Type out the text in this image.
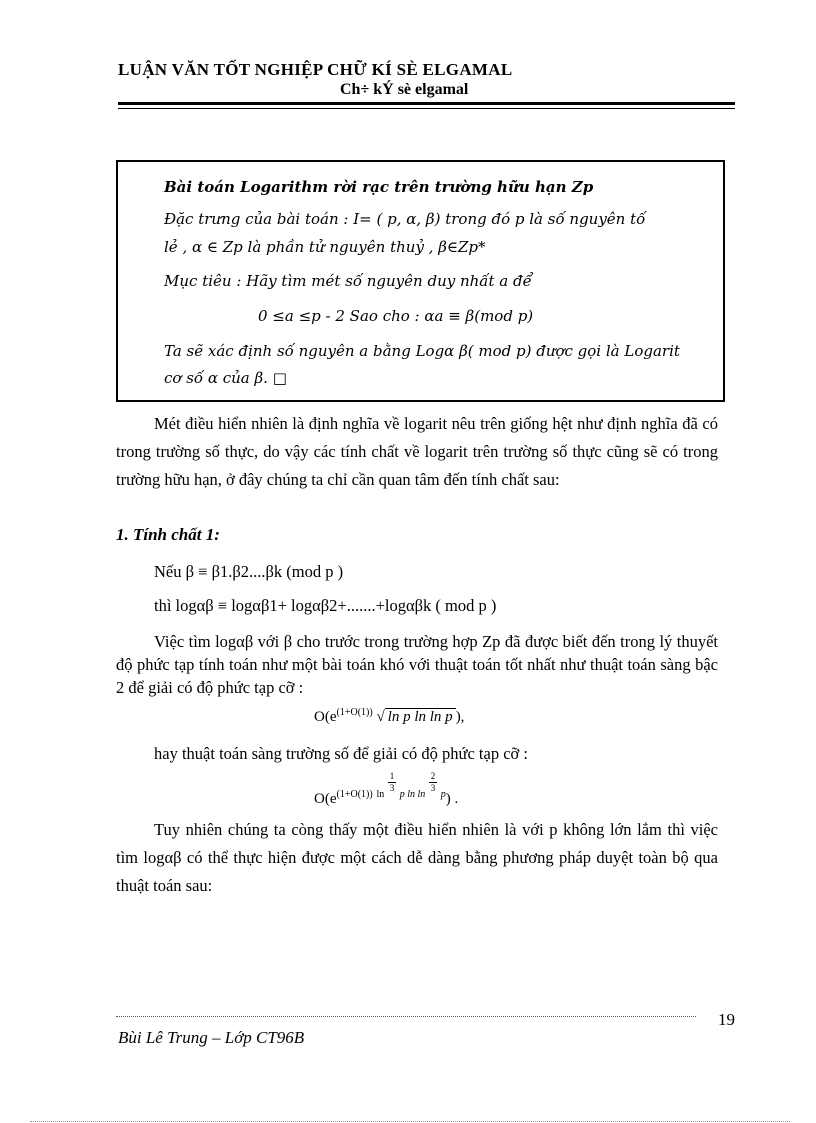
LUẬN VĂN TỐT NGHIỆP CHỮ KÍ SÈ ELGAMAL
Ch÷ kÝ sè elgamal
Bài toán Logarithm rời rạc trên trường hữu hạn Zp
Đặc trưng của bài toán : I= ( p, α, β) trong đó p là số nguyên tố
lẻ , α ∈ Zp là phần tử nguyên thuỷ , β∈Zp*
Mục tiêu : Hãy tìm mét số nguyên duy nhất a để
0 ≤a ≤p - 2 Sao cho : αa ≡ β(mod p)
Ta sẽ xác định số nguyên a bằng Logα β( mod p) được gọi là Logarit
cơ số α của β. □
Mét điều hiển nhiên là định nghĩa về logarit nêu trên giống hệt như định nghĩa đã có trong trường số thực, do vậy các tính chất về logarit trên trường số thực cũng sẽ có trong trường hữu hạn, ở đây chúng ta chỉ cần quan tâm đến tính chất sau:
1. Tính chất 1:
Nếu β ≡ β1.β2....βk (mod p )
thì logαβ ≡ logαβ1+ logαβ2+.......+logαβk ( mod p )
Việc tìm logαβ với β cho trước trong trường hợp Zp đã được biết đến trong lý thuyết độ phức tạp tính toán như một bài toán khó với thuật toán tốt nhất như thuật toán sàng bậc 2 để giải có độ phức tạp cỡ :
$O(e^{(1+O(1))}$ √ ln p ln ln p ),
hay thuật toán sàng trường số để giải có độ phức tạp cỡ :
$O(e^{(1+O(1))}$ $^{ln}$
$\frac{1}{3}$
$^{p ln ln}$
$\frac{2}{3}$
$^p$) .
Tuy nhiên chúng ta còng thấy một điều hiển nhiên là với p không lớn lắm thì việc tìm logαβ có thể thực hiện được một cách dễ dàng bằng phương pháp duyệt toàn bộ qua thuật toán sau:
19
Bùi Lê Trung – Lớp CT96B
